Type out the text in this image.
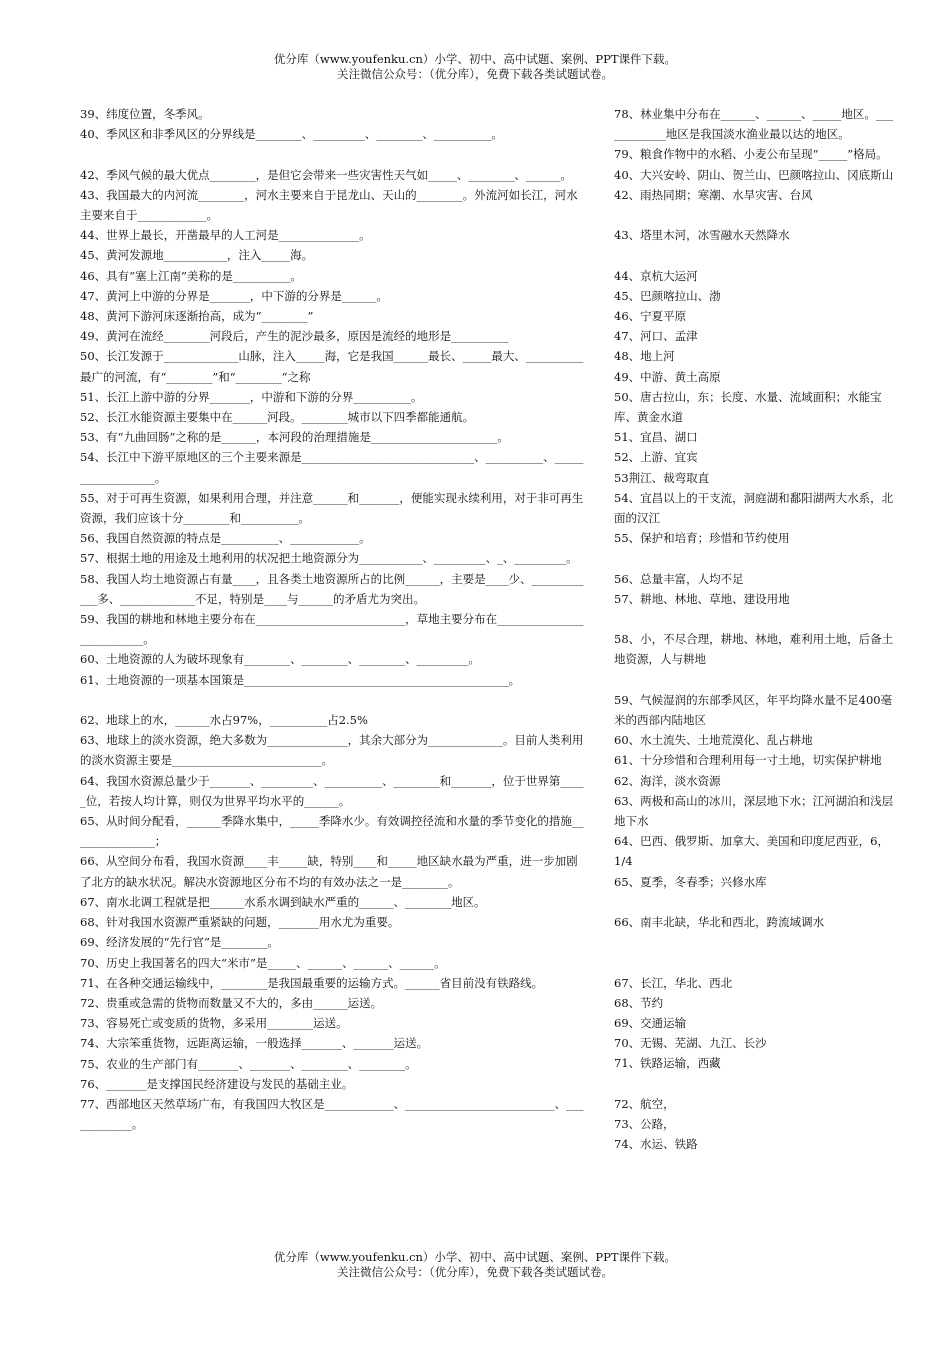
优分库（www.youfenku.cn）小学、初中、高中试题、案例、PPT课件下载。
关注微信公众号：（优分库），免费下载各类试题试卷。

39、纬度位置，冬季风。

40、季风区和非季风区的分界线是________、_________、________、__________。

42、季风气候的最大优点________，是但它会带来一些灾害性天气如_____、________、______。

43、我国最大的内河流________，河水主要来自于昆龙山、天山的________。外流河如长江，河水主要来自于____________。

44、世界上最长，开凿最早的人工河是______________。

45、黄河发源地___________，注入_____海。

46、具有“塞上江南”美称的是__________。

47、黄河上中游的分界是_______，中下游的分界是______。

48、黄河下游河床逐渐抬高，成为“________”

49、黄河在流经________河段后，产生的泥沙最多，原因是流经的地形是__________

50、长江发源于_____________山脉，注入_____海，它是我国______最长、_____最大、__________最广的河流，有“________”和“________”之称

51、长江上游中游的分界_______，中游和下游的分界__________。

52、长江水能资源主要集中在______河段。________城市以下四季都能通航。

53、有“九曲回肠”之称的是______，本河段的治理措施是______________________。

54、长江中下游平原地区的三个主要来源是______________________________、__________、__________________。

55、对于可再生资源，如果利用合理，并注意______和_______，便能实现永续利用，对于非可再生资源，我们应该十分________和__________。

56、我国自然资源的特点是__________、____________。

57、根据土地的用途及土地利用的状况把土地资源分为___________、_________、_、_________。

58、我国人均土地资源占有量____，且各类土地资源所占的比例______，主要是____少、____________多、_____________不足，特别是____与______的矛盾尤为突出。

59、我国的耕地和林地主要分布在__________________________，草地主要分布在__________________________。

60、土地资源的人为破坏现象有________、________、________、_________。

61、土地资源的一项基本国策是______________________________________________。

62、地球上的水，______水占97%，__________占2.5%

63、地球上的淡水资源，绝大多数为______________，其余大部分为_____________。目前人类利用的淡水资源主要是__________________________。

64、我国水资源总量少于_______、_________、__________、________和_______，位于世界第_____位，若按人均计算，则仅为世界平均水平的______。

65、从时间分配看，______季降水集中，_____季降水少。有效调控径流和水量的季节变化的措施_______________；

66、从空间分布看，我国水资源____丰_____缺，特别____和_____地区缺水最为严重，进一步加剧了北方的缺水状况。解决水资源地区分布不均的有效办法之一是________。

67、南水北调工程就是把______水系水调到缺水严重的______、________地区。

68、针对我国水资源严重紧缺的问题，_______用水尤为重要。

69、经济发展的“先行官”是________。

70、历史上我国著名的四大“米市”是_____、______、______、______。

71、在各种交通运输线中，________是我国最重要的运输方式。______省目前没有铁路线。

72、贵重或急需的货物而数量又不大的，多由______运送。

73、容易死亡或变质的货物，多采用________运送。

74、大宗笨重货物，远距离运输，一般选择_______、_______运送。

75、农业的生产部门有_______、_______、________、________。

76、_______是支撑国民经济建设与发民的基础主业。

77、西部地区天然草场广布，有我国四大牧区是____________、__________________________、____________。

78、林业集中分布在______、______、_____地区。____________地区是我国淡水渔业最以达的地区。

79、粮食作物中的水稻、小麦公布呈现“_____”格局。

40、大兴安岭、阴山、贺兰山、巴颜喀拉山、冈底斯山

42、雨热同期；寒潮、水旱灾害、台风

43、塔里木河，冰雪融水天然降水

44、京杭大运河

45、巴颜喀拉山、渤

46、宁夏平原

47、河口、孟津

48、地上河

49、中游、黄土高原

50、唐古拉山，东；长度、水量、流域面积；水能宝库、黄金水道

51、宜昌、湖口

52、上游、宜宾

53荆江、裁弯取直

54、宜昌以上的干支流，洞庭湖和鄱阳湖两大水系，北面的汉江

55、保护和培育；珍惜和节约使用

56、总量丰富，人均不足

57、耕地、林地、草地、建设用地

58、小，不尽合理，耕地、林地，难利用土地，后备土地资源，人与耕地

59、气候湿润的东部季风区，年平均降水量不足400毫米的西部内陆地区

60、水土流失、土地荒漠化、乱占耕地

61、十分珍惜和合理利用每一寸土地，切实保护耕地

62、海洋，淡水资源

63、两极和高山的冰川，深层地下水；江河湖泊和浅层地下水

64、巴西、俄罗斯、加拿大、美国和印度尼西亚，6，1/4

65、夏季，冬春季；兴修水库

66、南丰北缺，华北和西北，跨流域调水

67、长江，华北、西北

68、节约

69、交通运输

70、无锡、芜湖、九江、长沙

71、铁路运输，西藏

72、航空，

73、公路，

74、水运、铁路

优分库（www.youfenku.cn）小学、初中、高中试题、案例、PPT课件下载。
关注微信公众号：（优分库），免费下载各类试题试卷。
